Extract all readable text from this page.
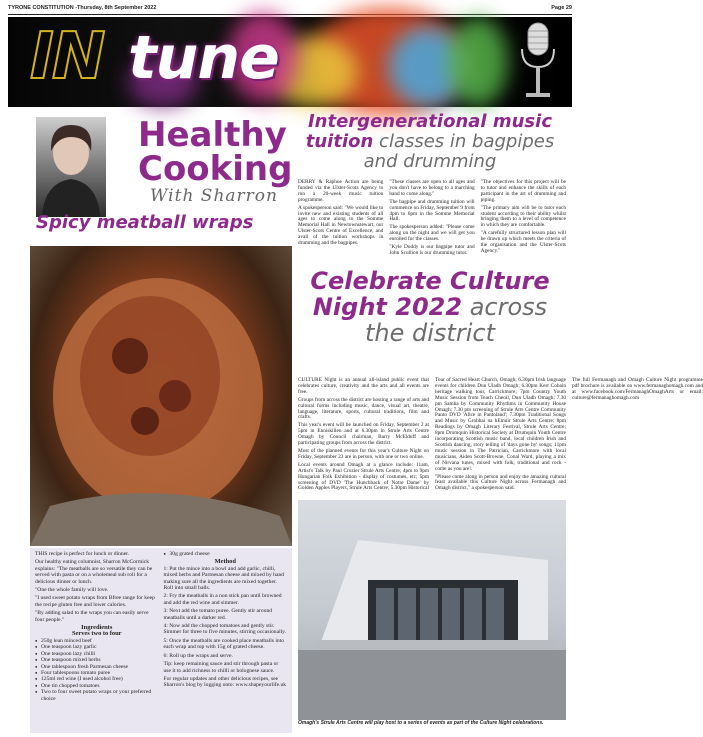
TYRONE CONSTITUTION -Thursday, 8th September 2022	Page 29
IN tune
Healthy
Cooking
With Sharron
Spicy meatball wraps

THIS recipe is perfect for lunch or dinner.

Our healthy eating columnist, Sharron McCormick explains: "The meatballs are so versatile they can be served with pasta or on a wholemeal sub roll for a delicious dinner or lunch.

"One the whole family will love.

"I used sweet potato wraps from Bfree range for keep the recipe gluten free and lower calories.

"By adding salad to the wraps you can easily serve four people."

Ingredients
Serves two to four
● 250g lean minced beef
● One teaspoon lazy garlic
● One teaspoon lazy chilli
● One teaspoon mixed herbs
● One tablespoon fresh Parmesan cheese
● Four tablespoons tomato puree
● 125ml red wine (I used alcohol free)
● One tin chopped tomatoes
● Two to four sweet potato wraps or your preferred choice
● 30g grated cheese
Method

1: Put the mince into a bowl and add garlic, chilli, mixed herbs and Parmesan cheese and mixed by hand making sure all the ingredients are mixed together. Roll into small balls.

2: Fry the meatballs in a non stick pan until browned and add the red wine and simmer.

3: Next add the tomato puree. Gently stir around meatballs until a darker red.

4: Now add the chopped tomatoes and gently stir. Simmer for three to five minutes, stirring occasionally.

5: Once the meatballs are cooked place meatballs into each wrap and top with 15g of grated cheese.

6: Roll up the wraps and serve.

Tip: keep remaining sauce and stir through pasta or use it to add richness to chilli or bolognese sauce.

For regular updates and other delicious recipes, see Sharron's blog by logging onto: www.shapeyourlife.uk

Intergenerational music tuition classes in bagpipes and drumming

DERRY & Raphoe Action are being funded via the Ulster-Scots Agency to run a 20-week music tuition programme.

A spokesperson said: "We would like to invite new and existing students of all ages to come along to the Somme Memorial Hall in Newtownstewart, our Ulster-Scots Centre of Excellence, and avail of the tuition workshops in drumming and the bagpipes.

"These classes are open to all ages and you don't have to belong to a marching band to come along."

The bagpipe and drumming tuition will commence on Friday, September 9 from 4pm to 6pm in the Somme Memorial Hall.

The spokesperson added: "Please come along on the night and we will get you enrolled for the classes.

"Kyle Duddy is our bagpipe tutor and John Scullion is our drumming tutor.

"The objectives for this project will be to tutor and enhance the skills of each participant in the art of drumming and piping.

"The primary aim will be to tutor each student according to their ability whilst bringing them to a level of competence in which they are comfortable.

"A carefully structured lesson plan will be drawn up which meets the criteria of the organisation and the Ulster-Scots Agency."

Celebrate Culture Night 2022 across the district

CULTURE Night is an annual all-island public event that celebrates culture, creativity and the arts and all events are free.

Groups from across the district are hosting a range of arts and cultural forms including music, dance, visual art, theatre, language, literature, sports, cultural traditions, film and crafts.

This year's event will be launched on Friday, September 2 at 5pm in Enniskillen and at 6.30pm in Strule Arts Centre Omagh by Council chairman, Barry McElduff and participating groups from across the district.

Most of the planned events for this year's Culture Night on Friday, September 23 are in person, with one or two online.

Local events around Omagh at a glance include: 11am, Artist's Talk by Paul Crozier Strule Arts Centre; 4pm to 9pm Hungarian Folk Exhibition - display of costumes, etc; 5pm screening of DVD 'The Hunchback of Notre Dame' by Golden Apples Players, Strule Arts Centre; 5.30pm Historical Tour of Sacred Heart Church, Omagh; 6.30pm Irish language events for children Dun Uladh Omagh; 6.30pm Kerr Cobain heritage walking tour, Carrickmore; 7pm Country Youth Music Session from Teach Cheoil, Dun Uladh Omagh; 7.30 pm Samba by Community Rhythms in Community House Omagh; 7.30 pm screening of Strule Arts Centre Community Panto DVD 'Alice in Pantoland'; 7.30pm Traditional Songs and Music by Grobhaí na hEmuir Strule Arts Centre; 8pm Readings by Omagh Literary Festival, Strule Arts Centre; 8pm Drumquin Historical Society at Drumquin Youth Centre incorporating Scottish music band, local children Irish and Scottish dancing, story telling of 'days gone by' songs; 11pm music session in The Patrician, Carrickmore with local musicians, Aiden Scott-Browne, Conal Ward, playing a mix of Nirvana tunes, mixed with folk, traditional and rock - come as you are!.

"Please come along in person and enjoy the amazing cultural feast available this Culture Night across Fermanagh and Omagh district," a spokesperson said.

The full Fermanagh and Omagh Culture Night programme pdf brochure is available on www.fermanaghomagh.com and at www.facebook.com/FermanaghOmaghArts or email: culture@fermanaghomagh.com

Omagh's Strule Arts Centre will play host to a series of events as part of the Culture Night celebrations.
